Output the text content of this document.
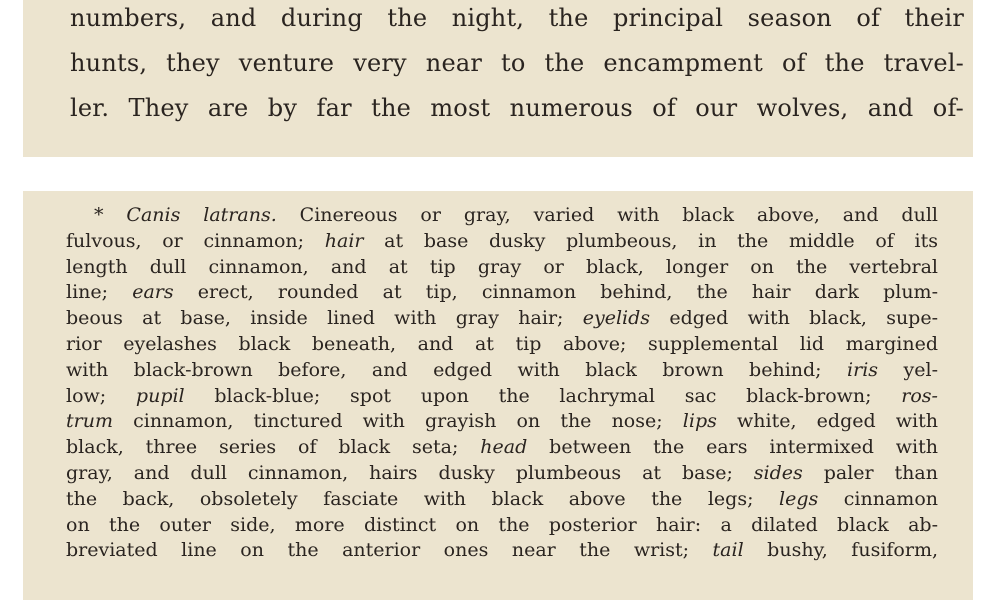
numbers, and during the night, the principal season of their
hunts, they venture very near to the encampment of the travel-
ler. They are by far the most numerous of our wolves, and of-
* Canis latrans. Cinereous or gray, varied with black above, and dull
fulvous, or cinnamon; hair at base dusky plumbeous, in the middle of its
length dull cinnamon, and at tip gray or black, longer on the vertebral
line; ears erect, rounded at tip, cinnamon behind, the hair dark plum-
beous at base, inside lined with gray hair; eyelids edged with black, supe-
rior eyelashes black beneath, and at tip above; supplemental lid margined
with black-brown before, and edged with black brown behind; iris yel-
low; pupil black-blue; spot upon the lachrymal sac black-brown; ros-
trum cinnamon, tinctured with grayish on the nose; lips white, edged with
black, three series of black seta; head between the ears intermixed with
gray, and dull cinnamon, hairs dusky plumbeous at base; sides paler than
the back, obsoletely fasciate with black above the legs; legs cinnamon
on the outer side, more distinct on the posterior hair: a dilated black ab-
breviated line on the anterior ones near the wrist; tail bushy, fusiform,
